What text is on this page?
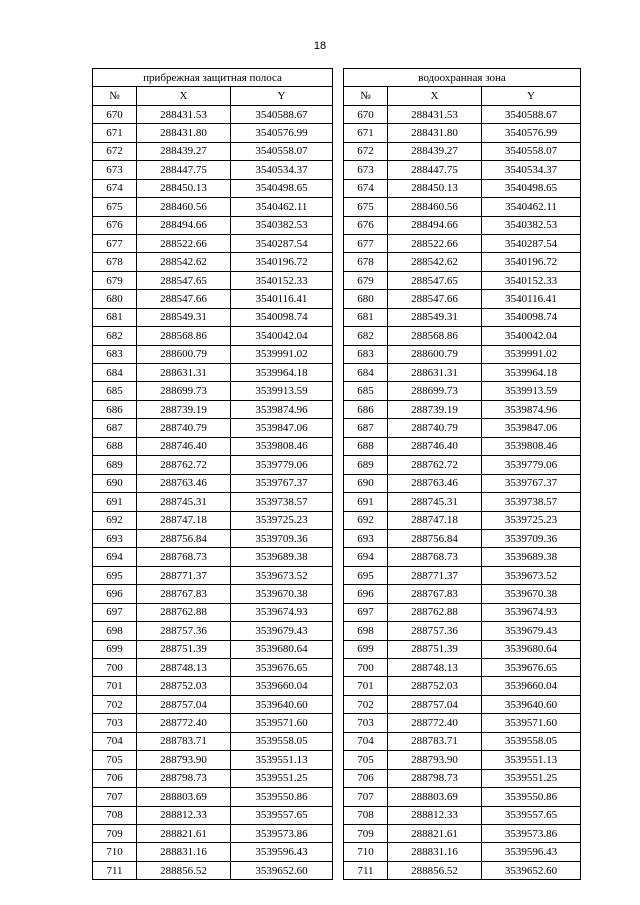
18
прибрежная защитная полоса		
№	X	Y
670	288431.53	3540588.67
671	288431.80	3540576.99
672	288439.27	3540558.07
673	288447.75	3540534.37
674	288450.13	3540498.65
675	288460.56	3540462.11
676	288494.66	3540382.53
677	288522.66	3540287.54
678	288542.62	3540196.72
679	288547.65	3540152.33
680	288547.66	3540116.41
681	288549.31	3540098.74
682	288568.86	3540042.04
683	288600.79	3539991.02
684	288631.31	3539964.18
685	288699.73	3539913.59
686	288739.19	3539874.96
687	288740.79	3539847.06
688	288746.40	3539808.46
689	288762.72	3539779.06
690	288763.46	3539767.37
691	288745.31	3539738.57
692	288747.18	3539725.23
693	288756.84	3539709.36
694	288768.73	3539689.38
695	288771.37	3539673.52
696	288767.83	3539670.38
697	288762.88	3539674.93
698	288757.36	3539679.43
699	288751.39	3539680.64
700	288748.13	3539676.65
701	288752.03	3539660.04
702	288757.04	3539640.60
703	288772.40	3539571.60
704	288783.71	3539558.05
705	288793.90	3539551.13
706	288798.73	3539551.25
707	288803.69	3539550.86
708	288812.33	3539557.65
709	288821.61	3539573.86
710	288831.16	3539596.43
711	288856.52	3539652.60
водоохранная зона		
№	X	Y
670	288431.53	3540588.67
671	288431.80	3540576.99
672	288439.27	3540558.07
673	288447.75	3540534.37
674	288450.13	3540498.65
675	288460.56	3540462.11
676	288494.66	3540382.53
677	288522.66	3540287.54
678	288542.62	3540196.72
679	288547.65	3540152.33
680	288547.66	3540116.41
681	288549.31	3540098.74
682	288568.86	3540042.04
683	288600.79	3539991.02
684	288631.31	3539964.18
685	288699.73	3539913.59
686	288739.19	3539874.96
687	288740.79	3539847.06
688	288746.40	3539808.46
689	288762.72	3539779.06
690	288763.46	3539767.37
691	288745.31	3539738.57
692	288747.18	3539725.23
693	288756.84	3539709.36
694	288768.73	3539689.38
695	288771.37	3539673.52
696	288767.83	3539670.38
697	288762.88	3539674.93
698	288757.36	3539679.43
699	288751.39	3539680.64
700	288748.13	3539676.65
701	288752.03	3539660.04
702	288757.04	3539640.60
703	288772.40	3539571.60
704	288783.71	3539558.05
705	288793.90	3539551.13
706	288798.73	3539551.25
707	288803.69	3539550.86
708	288812.33	3539557.65
709	288821.61	3539573.86
710	288831.16	3539596.43
711	288856.52	3539652.60
